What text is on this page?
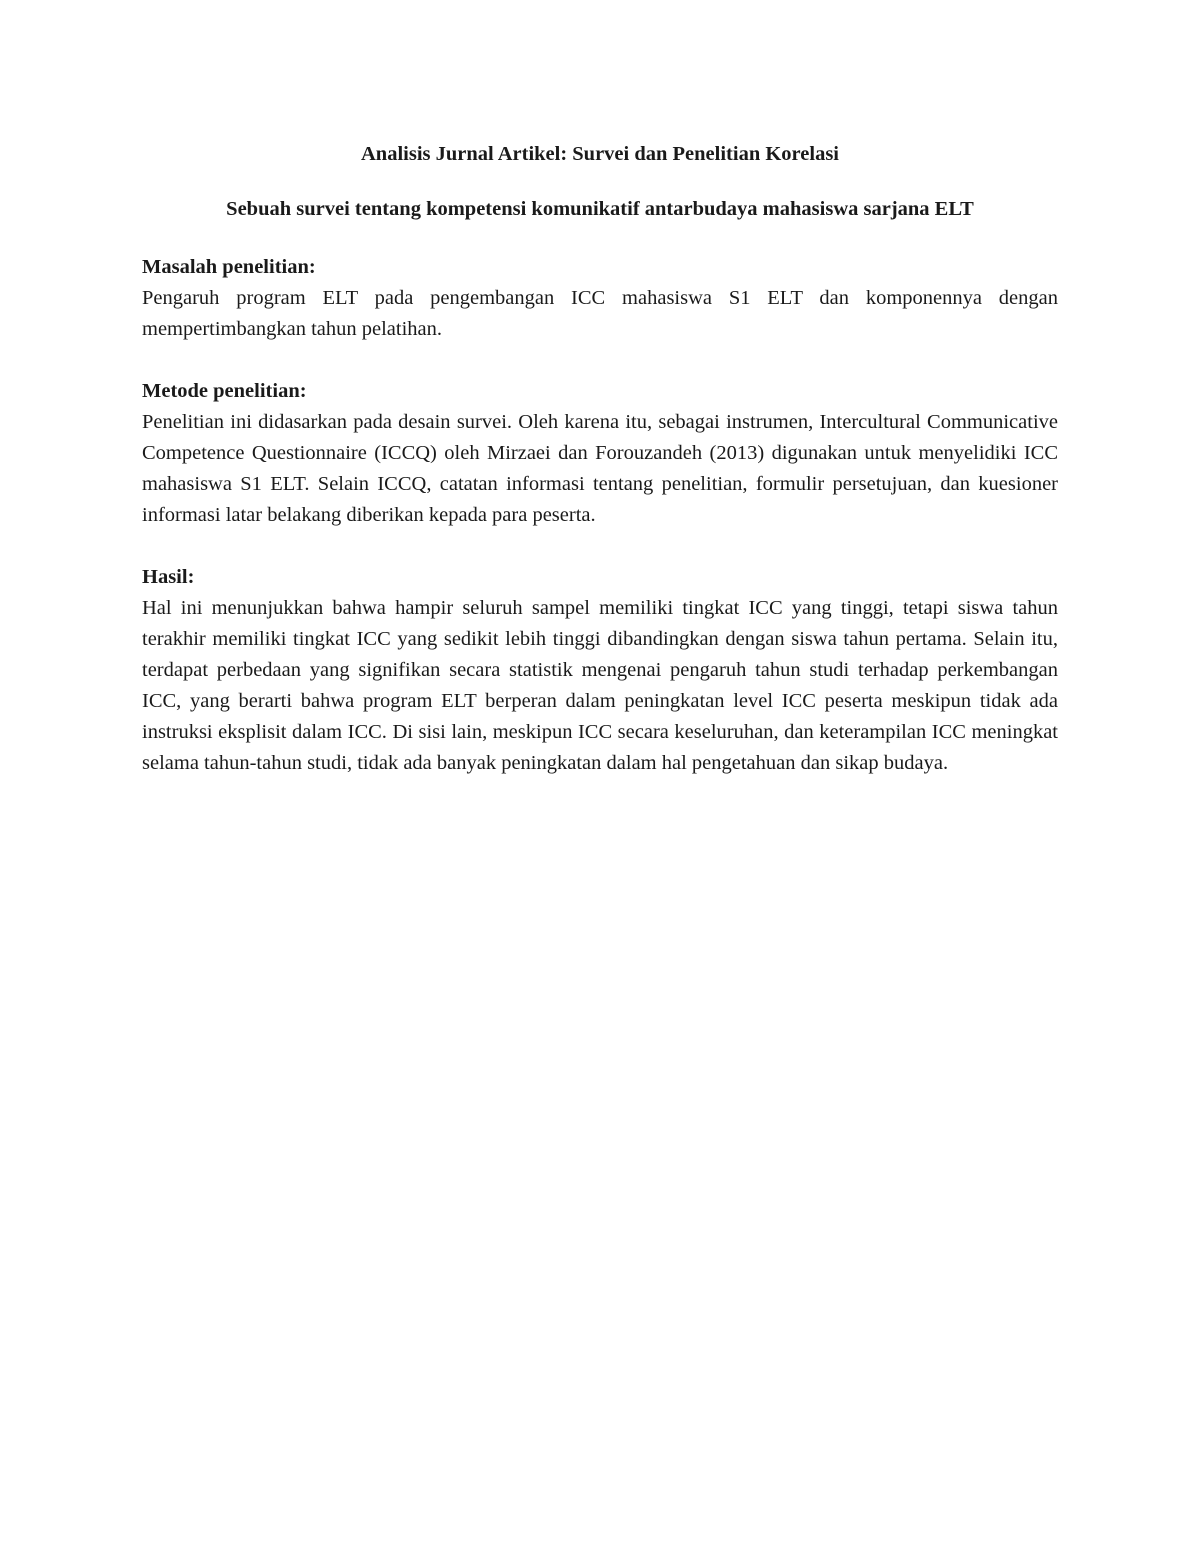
Analisis Jurnal Artikel: Survei dan Penelitian Korelasi

Sebuah survei tentang kompetensi komunikatif antarbudaya mahasiswa sarjana ELT

Masalah penelitian:

Pengaruh program ELT pada pengembangan ICC mahasiswa S1 ELT dan komponennya dengan mempertimbangkan tahun pelatihan.

Metode penelitian:

Penelitian ini didasarkan pada desain survei. Oleh karena itu, sebagai instrumen, Intercultural Communicative Competence Questionnaire (ICCQ) oleh Mirzaei dan Forouzandeh (2013) digunakan untuk menyelidiki ICC mahasiswa S1 ELT. Selain ICCQ, catatan informasi tentang penelitian, formulir persetujuan, dan kuesioner informasi latar belakang diberikan kepada para peserta.

Hasil:

Hal ini menunjukkan bahwa hampir seluruh sampel memiliki tingkat ICC yang tinggi, tetapi siswa tahun terakhir memiliki tingkat ICC yang sedikit lebih tinggi dibandingkan dengan siswa tahun pertama. Selain itu, terdapat perbedaan yang signifikan secara statistik mengenai pengaruh tahun studi terhadap perkembangan ICC, yang berarti bahwa program ELT berperan dalam peningkatan level ICC peserta meskipun tidak ada instruksi eksplisit dalam ICC. Di sisi lain, meskipun ICC secara keseluruhan, dan keterampilan ICC meningkat selama tahun-tahun studi, tidak ada banyak peningkatan dalam hal pengetahuan dan sikap budaya.
